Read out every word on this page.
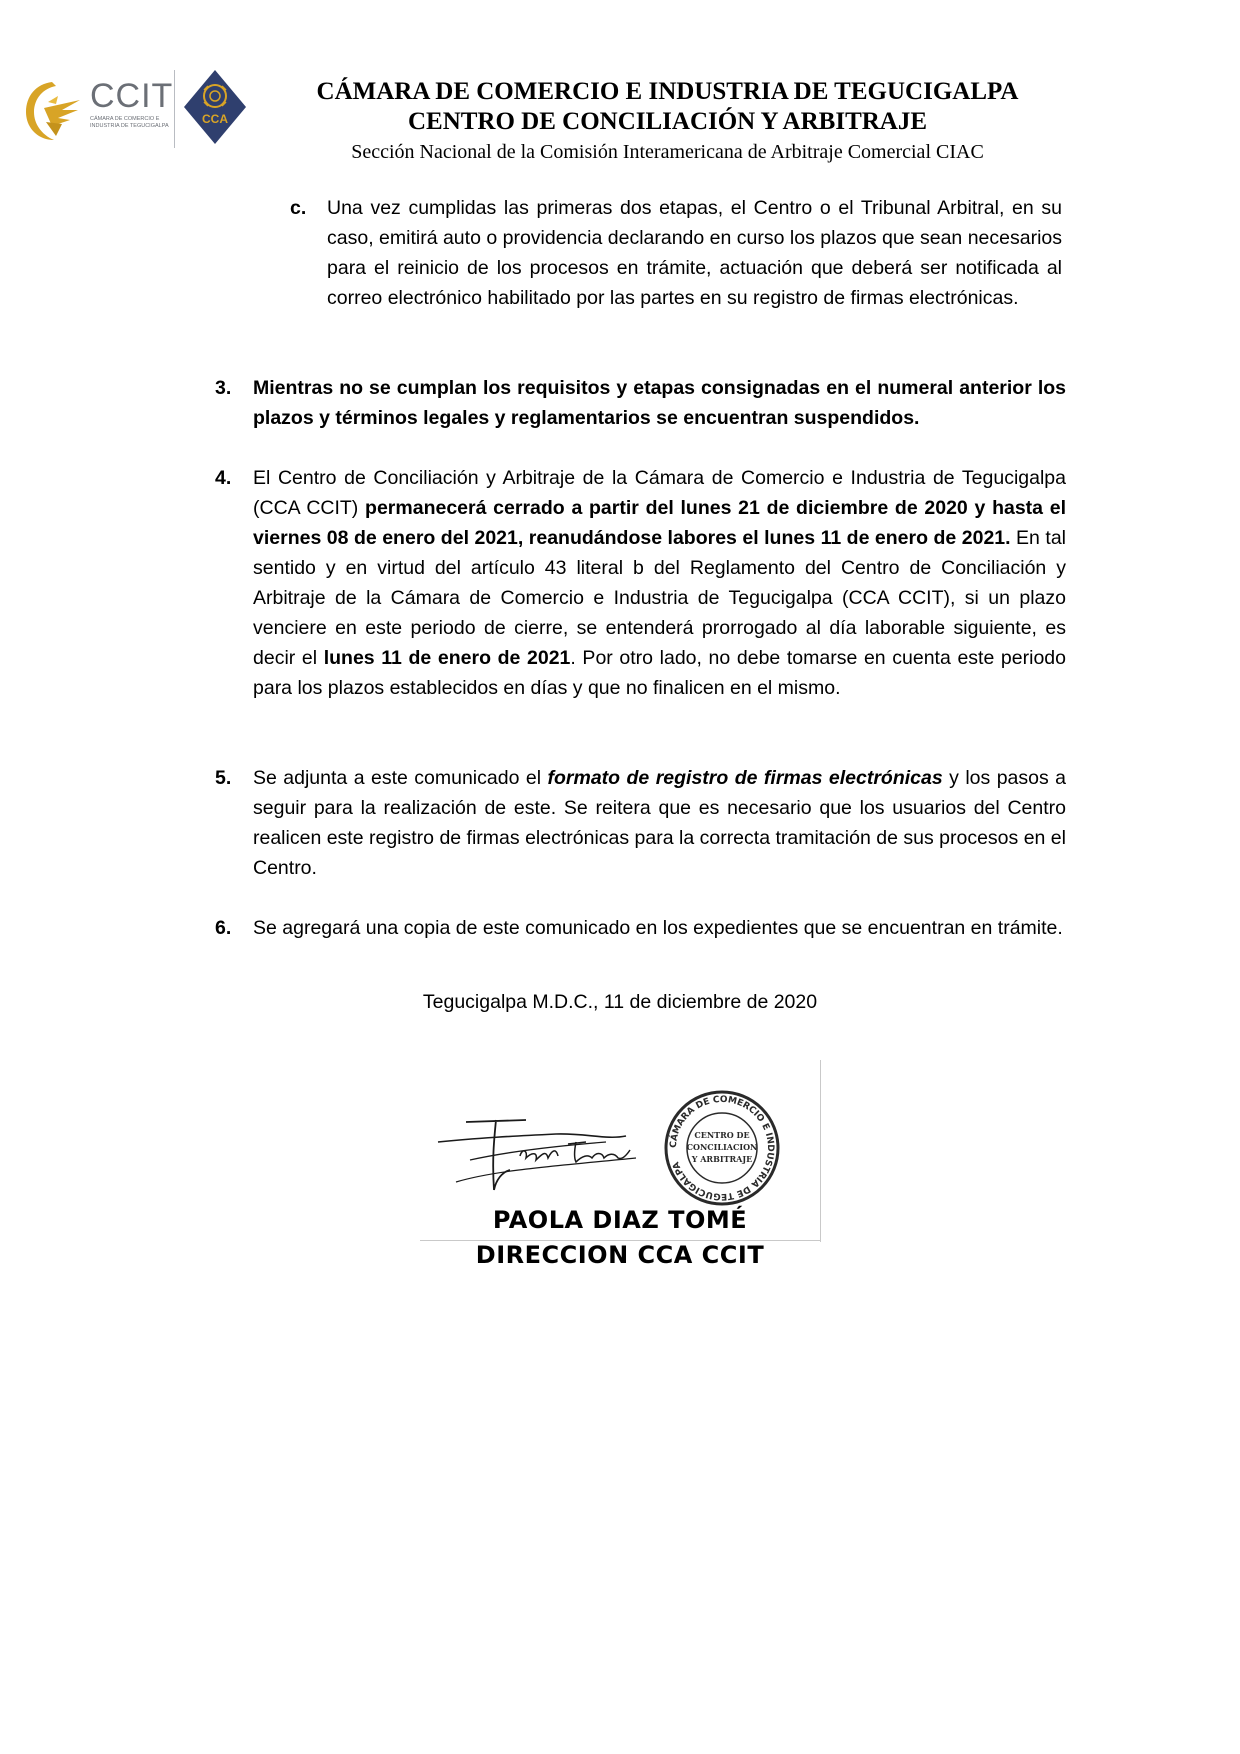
CCIT
CÁMARA DE COMERCIO E INDUSTRIA DE TEGUCIGALPA	CCA
CÁMARA DE COMERCIO E INDUSTRIA DE TEGUCIGALPA
CENTRO DE CONCILIACIÓN Y ARBITRAJE
Sección Nacional de la Comisión Interamericana de Arbitraje Comercial CIAC
c. Una vez cumplidas las primeras dos etapas, el Centro o el Tribunal Arbitral, en su caso, emitirá auto o providencia declarando en curso los plazos que sean necesarios para el reinicio de los procesos en trámite, actuación que deberá ser notificada al correo electrónico habilitado por las partes en su registro de firmas electrónicas.
3. Mientras no se cumplan los requisitos y etapas consignadas en el numeral anterior los plazos y términos legales y reglamentarios se encuentran suspendidos.
4. El Centro de Conciliación y Arbitraje de la Cámara de Comercio e Industria de Tegucigalpa (CCA CCIT) permanecerá cerrado a partir del lunes 21 de diciembre de 2020 y hasta el viernes 08 de enero del 2021, reanudándose labores el lunes 11 de enero de 2021. En tal sentido y en virtud del artículo 43 literal b del Reglamento del Centro de Conciliación y Arbitraje de la Cámara de Comercio e Industria de Tegucigalpa (CCA CCIT), si un plazo venciere en este periodo de cierre, se entenderá prorrogado al día laborable siguiente, es decir el lunes 11 de enero de 2021. Por otro lado, no debe tomarse en cuenta este periodo para los plazos establecidos en días y que no finalicen en el mismo.
5. Se adjunta a este comunicado el formato de registro de firmas electrónicas y los pasos a seguir para la realización de este. Se reitera que es necesario que los usuarios del Centro realicen este registro de firmas electrónicas para la correcta tramitación de sus procesos en el Centro.
6. Se agregará una copia de este comunicado en los expedientes que se encuentran en trámite.
Tegucigalpa M.D.C., 11 de diciembre de 2020
CÁMARA DE COMERCIO E INDUSTRIA DE TEGUCIGALPA
CENTRO DE
CONCILIACION
Y ARBITRAJE
PAOLA DIAZ TOMÉ
DIRECCION CCA CCIT
